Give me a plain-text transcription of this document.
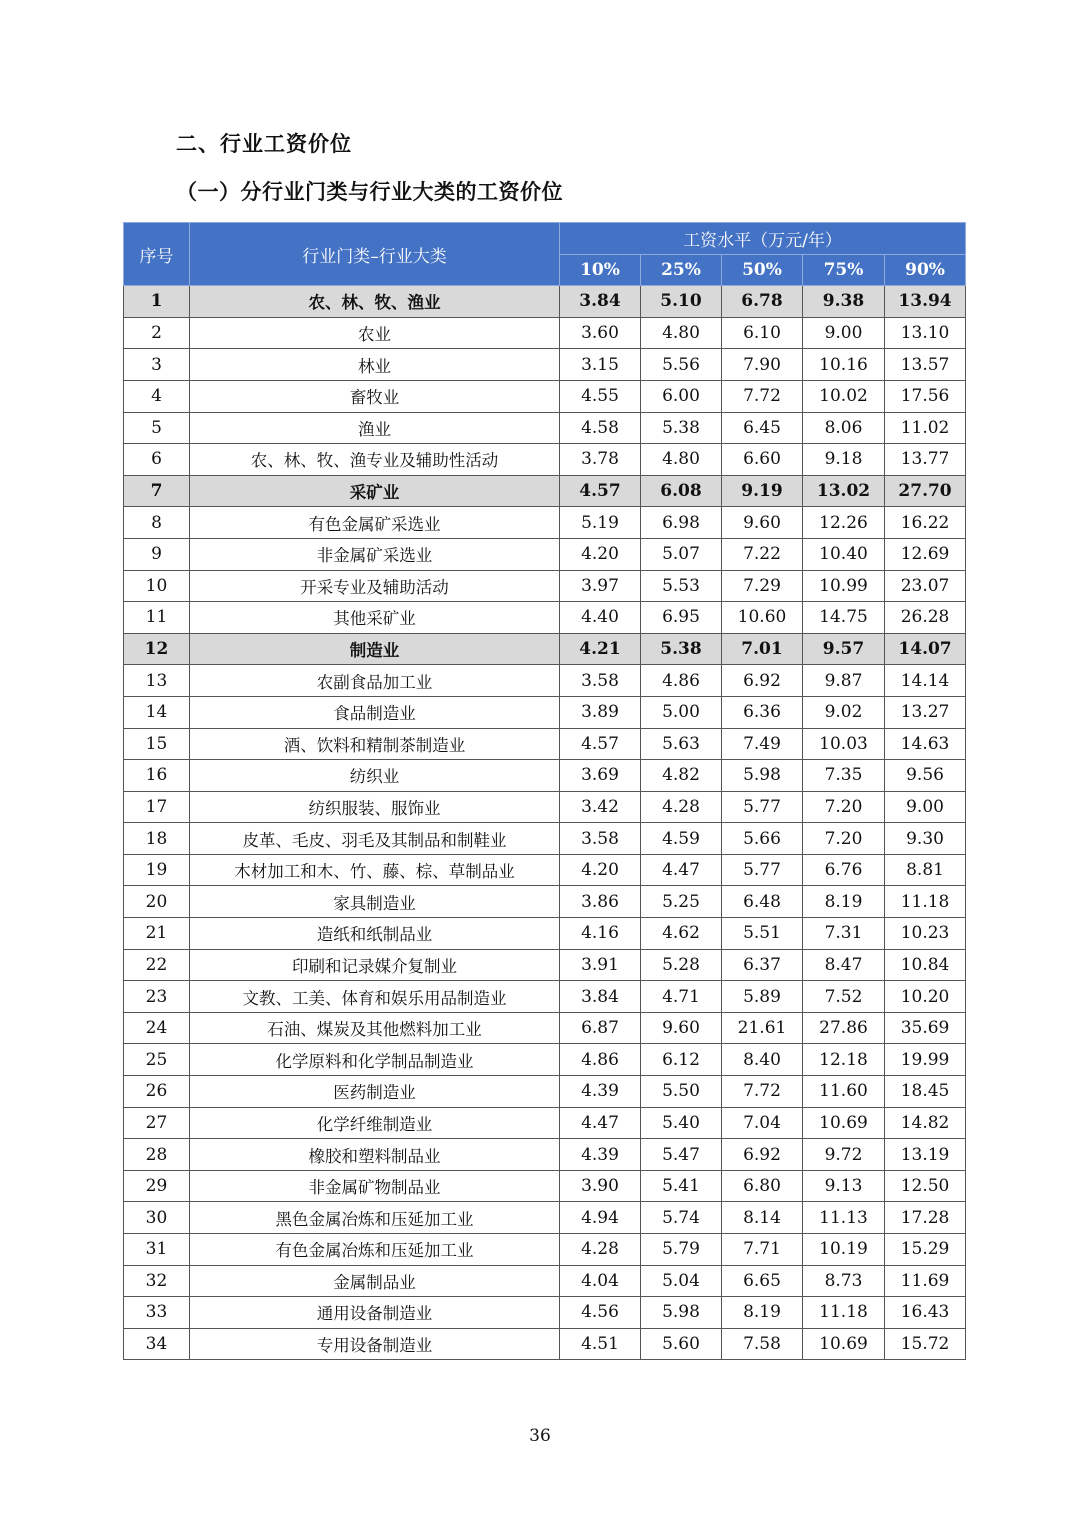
二、行业工资价位
（一）分行业门类与行业大类的工资价位
序号	行业门类–行业大类	工资水平（万元/年）				
		10%	25%	50%	75%	90%
1	农、林、牧、渔业	3.84	5.10	6.78	9.38	13.94
2	农业	3.60	4.80	6.10	9.00	13.10
3	林业	3.15	5.56	7.90	10.16	13.57
4	畜牧业	4.55	6.00	7.72	10.02	17.56
5	渔业	4.58	5.38	6.45	8.06	11.02
6	农、林、牧、渔专业及辅助性活动	3.78	4.80	6.60	9.18	13.77
7	采矿业	4.57	6.08	9.19	13.02	27.70
8	有色金属矿采选业	5.19	6.98	9.60	12.26	16.22
9	非金属矿采选业	4.20	5.07	7.22	10.40	12.69
10	开采专业及辅助活动	3.97	5.53	7.29	10.99	23.07
11	其他采矿业	4.40	6.95	10.60	14.75	26.28
12	制造业	4.21	5.38	7.01	9.57	14.07
13	农副食品加工业	3.58	4.86	6.92	9.87	14.14
14	食品制造业	3.89	5.00	6.36	9.02	13.27
15	酒、饮料和精制茶制造业	4.57	5.63	7.49	10.03	14.63
16	纺织业	3.69	4.82	5.98	7.35	9.56
17	纺织服装、服饰业	3.42	4.28	5.77	7.20	9.00
18	皮革、毛皮、羽毛及其制品和制鞋业	3.58	4.59	5.66	7.20	9.30
19	木材加工和木、竹、藤、棕、草制品业	4.20	4.47	5.77	6.76	8.81
20	家具制造业	3.86	5.25	6.48	8.19	11.18
21	造纸和纸制品业	4.16	4.62	5.51	7.31	10.23
22	印刷和记录媒介复制业	3.91	5.28	6.37	8.47	10.84
23	文教、工美、体育和娱乐用品制造业	3.84	4.71	5.89	7.52	10.20
24	石油、煤炭及其他燃料加工业	6.87	9.60	21.61	27.86	35.69
25	化学原料和化学制品制造业	4.86	6.12	8.40	12.18	19.99
26	医药制造业	4.39	5.50	7.72	11.60	18.45
27	化学纤维制造业	4.47	5.40	7.04	10.69	14.82
28	橡胶和塑料制品业	4.39	5.47	6.92	9.72	13.19
29	非金属矿物制品业	3.90	5.41	6.80	9.13	12.50
30	黑色金属冶炼和压延加工业	4.94	5.74	8.14	11.13	17.28
31	有色金属冶炼和压延加工业	4.28	5.79	7.71	10.19	15.29
32	金属制品业	4.04	5.04	6.65	8.73	11.69
33	通用设备制造业	4.56	5.98	8.19	11.18	16.43
34	专用设备制造业	4.51	5.60	7.58	10.69	15.72
36
